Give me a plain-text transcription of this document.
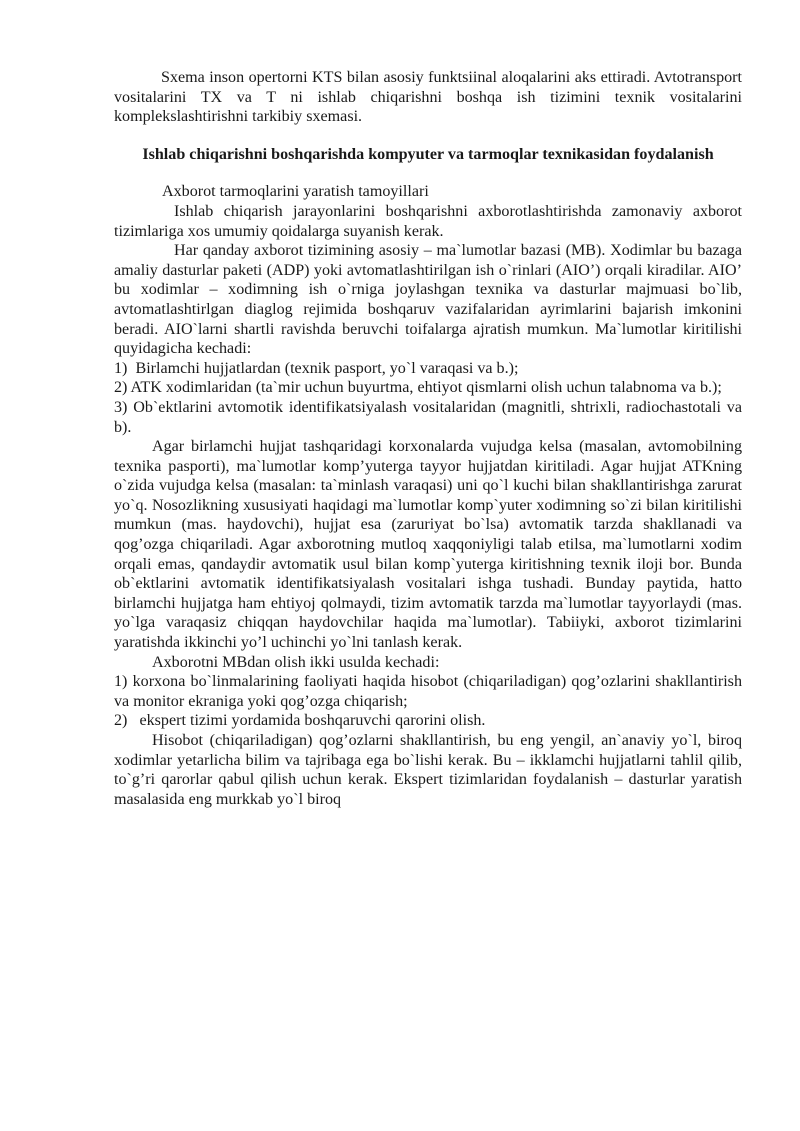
Sxema inson opertorni KTS bilan asosiy funktsiinal aloqalarini aks ettiradi. Avtotransport vositalarini TX va T ni ishlab chiqarishni boshqa ish tizimini texnik vositalarini komplekslashtirishni tarkibiy sxemasi.

Ishlab chiqarishni boshqarishda kompyuter va tarmoqlar texnikasidan foydalanish

Axborot tarmoqlarini yaratish tamoyillari

Ishlab chiqarish jarayonlarini boshqarishni axborotlashtirishda zamonaviy axborot tizimlariga xos umumiy qoidalarga suyanish kerak.

Har qanday axborot tizimining asosiy – ma`lumotlar bazasi (MB). Xodimlar bu bazaga amaliy dasturlar paketi (ADP) yoki avtomatlashtirilgan ish o`rinlari (AIO’) orqali kiradilar. AIO’ bu xodimlar – xodimning ish o`rniga joylashgan texnika va dasturlar majmuasi bo`lib, avtomatlashtirlgan diaglog rejimida boshqaruv vazifalaridan ayrimlarini bajarish imkonini beradi. AIO`larni shartli ravishda beruvchi toifalarga ajratish mumkun. Ma`lumotlar kiritilishi quyidagicha kechadi:

1)  Birlamchi hujjatlardan (texnik pasport, yo`l varaqasi va b.);

2) ATK xodimlaridan (ta`mir uchun buyurtma, ehtiyot qismlarni olish uchun talabnoma va b.);

3) Ob`ektlarini avtomotik identifikatsiyalash vositalaridan (magnitli, shtrixli, radiochastotali va b).

Agar birlamchi hujjat tashqaridagi korxonalarda vujudga kelsa (masalan, avtomobilning texnika pasporti), ma`lumotlar komp’yuterga tayyor hujjatdan kiritiladi. Agar hujjat ATKning o`zida vujudga kelsa (masalan: ta`minlash varaqasi) uni qo`l kuchi bilan shakllantirishga zarurat yo`q. Nosozlikning xususiyati haqidagi ma`lumotlar komp`yuter xodimning so`zi bilan kiritilishi mumkun (mas. haydovchi), hujjat esa (zaruriyat bo`lsa) avtomatik tarzda shakllanadi va qog’ozga chiqariladi. Agar axborotning mutloq xaqqoniyligi talab etilsa, ma`lumotlarni xodim orqali emas, qandaydir avtomatik usul bilan komp`yuterga kiritishning texnik iloji bor. Bunda ob`ektlarini avtomatik identifikatsiyalash vositalari ishga tushadi. Bunday paytida, hatto birlamchi hujjatga ham ehtiyoj qolmaydi, tizim avtomatik tarzda ma`lumotlar tayyorlaydi (mas. yo`lga varaqasiz chiqqan haydovchilar haqida ma`lumotlar). Tabiiyki, axborot tizimlarini yaratishda ikkinchi yo’l uchinchi yo`lni tanlash kerak.

Axborotni MBdan olish ikki usulda kechadi:

1) korxona bo`linmalarining faoliyati haqida hisobot (chiqariladigan) qog’ozlarini shakllantirish va monitor ekraniga yoki qog’ozga chiqarish;

2)   ekspert tizimi yordamida boshqaruvchi qarorini olish.

Hisobot (chiqariladigan) qog’ozlarni shakllantirish, bu eng yengil, an`anaviy yo`l, biroq xodimlar yetarlicha bilim va tajribaga ega bo`lishi kerak. Bu – ikklamchi hujjatlarni tahlil qilib, to`g’ri qarorlar qabul qilish uchun kerak. Ekspert tizimlaridan foydalanish – dasturlar yaratish masalasida eng murkkab yo`l biroq
